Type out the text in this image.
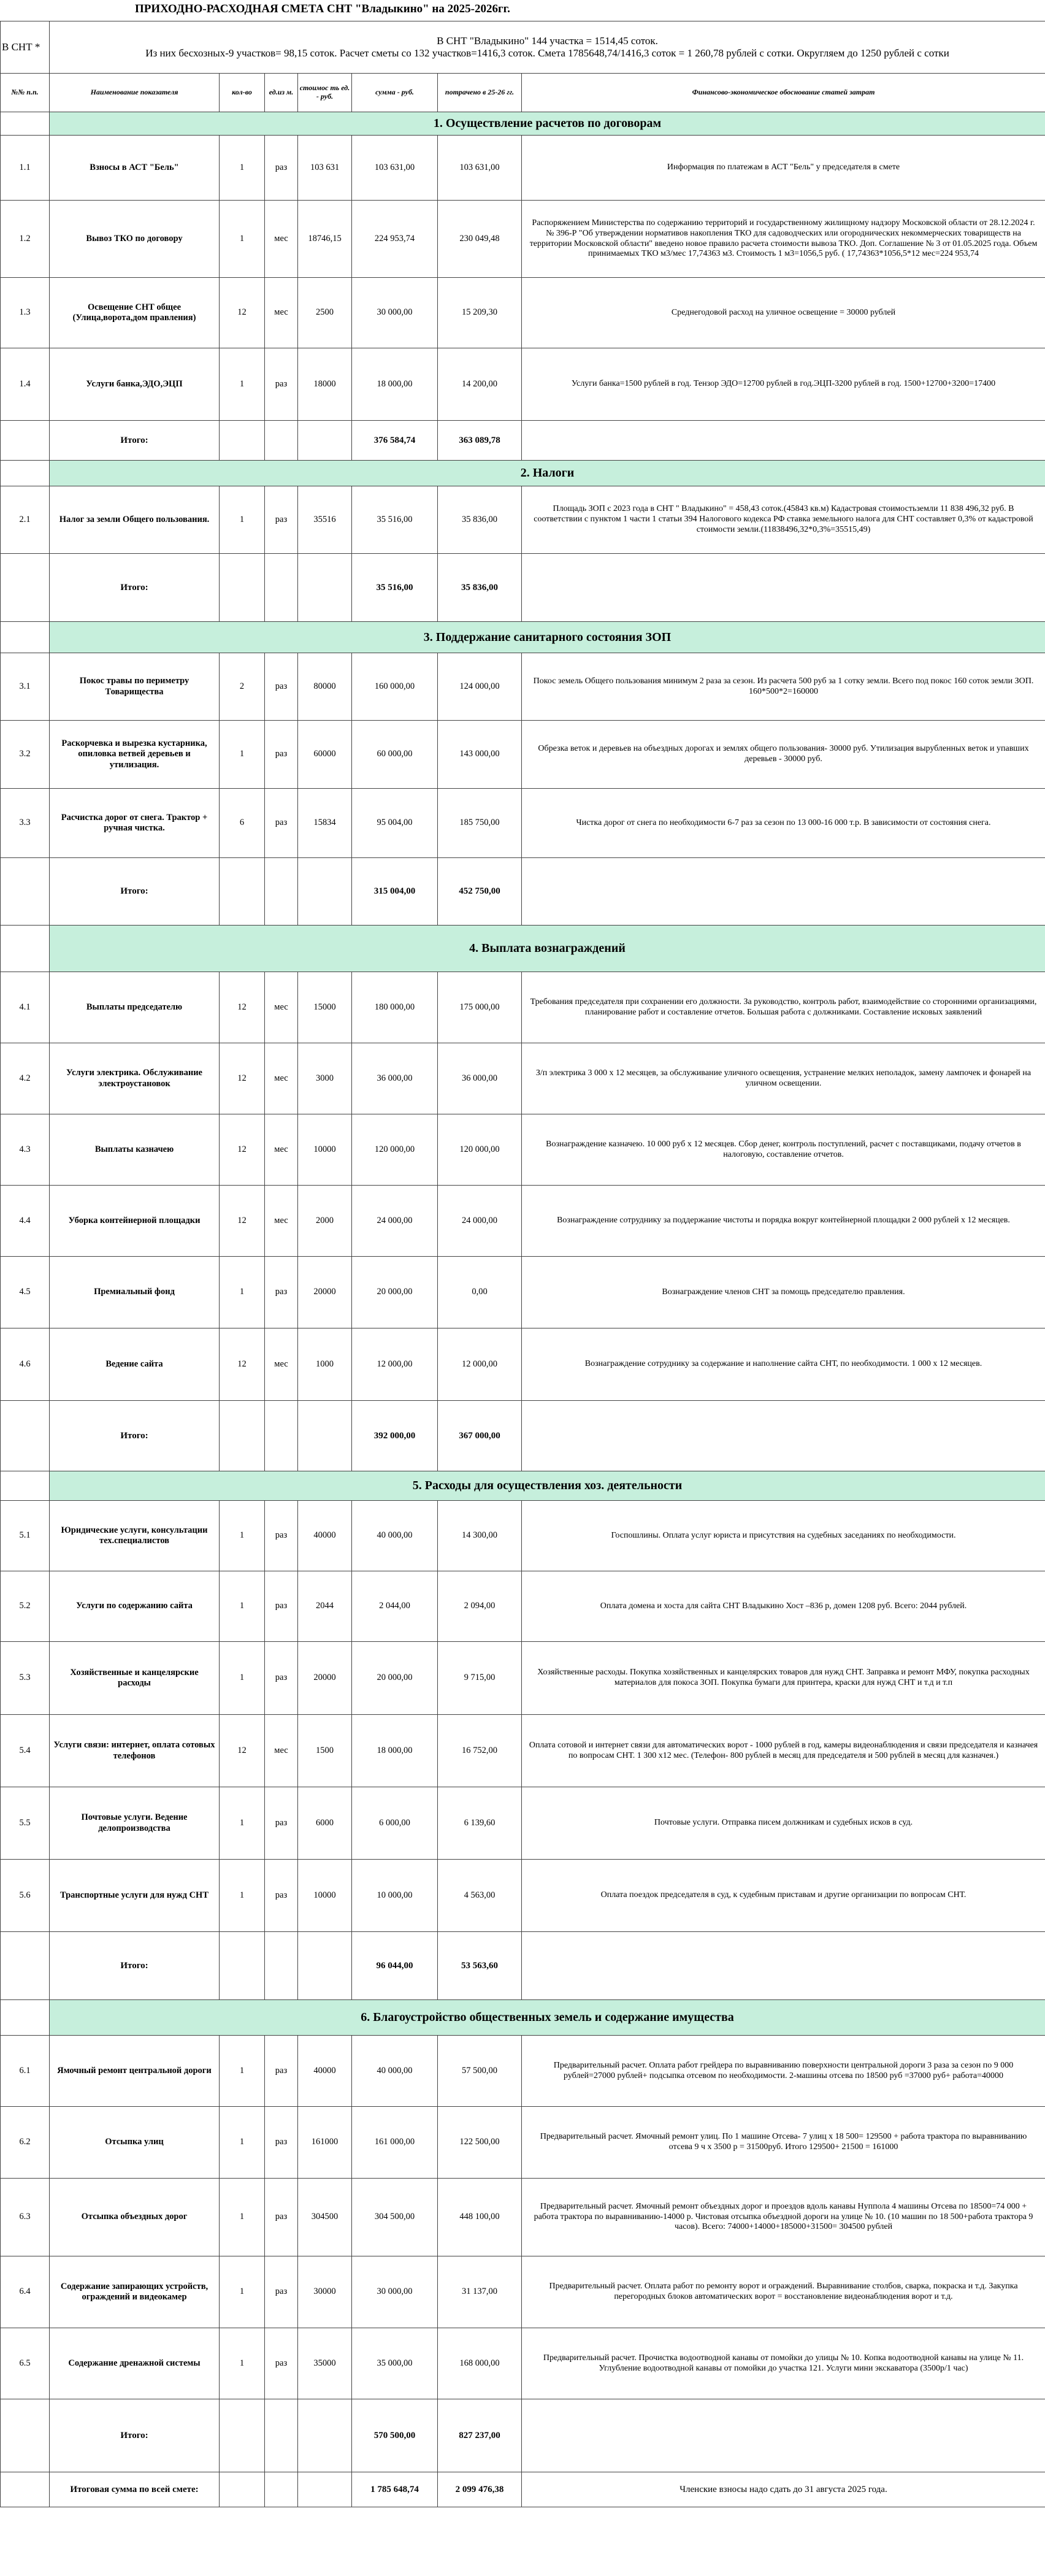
ПРИХОДНО-РАСХОДНАЯ СМЕТА СНТ "Владыкино" на 2025-2026гг.
В СНТ *	В СНТ "Владыкино" 144 участка = 1514,45 соток.
Из них бесхозных-9 участков= 98,15 соток. Расчет сметы со 132 участков=1416,3 соток. Смета 1785648,74/1416,3 соток = 1 260,78 рублей с сотки. Округляем до 1250 рублей с сотки						

№№ п.п.	Наименование показателя	кол-во	ед.из м.	стоимос ть ед. - руб.	сумма - руб.	потрачено в 25-26 гг.	Финансово-экономическое обоснование статей затрат
	1. Осуществление расчетов по договорам						
1.1	Взносы в АСТ "Бель"	1	раз	103 631	103 631,00	103 631,00	Информация по платежам в АСТ "Бель" у председателя в смете
1.2	Вывоз ТКО по договору	1	мес	18746,15	224 953,74	230 049,48	Распоряжением Министерства по содержанию территорий и государственному жилищному надзору Московской области от 28.12.2024 г. № 396-Р "Об утверждении нормативов накопления ТКО для садоводческих или огороднических некоммерческих товариществ на территории Московской области" введено новое правило расчета стоимости вывоза ТКО. Доп. Соглашение № 3 от 01.05.2025 года. Объем принимаемых ТКО м3/мес 17,74363 м3. Стоимость 1 м3=1056,5 руб. ( 17,74363*1056,5*12 мес=224 953,74
1.3	Освещение СНТ общее (Улица,ворота,дом правления)	12	мес	2500	30 000,00	15 209,30	Среднегодовой расход на уличное освещение = 30000 рублей
1.4	Услуги банка,ЭДО,ЭЦП	1	раз	18000	18 000,00	14 200,00	Услуги банка=1500 рублей в год. Тензор ЭДО=12700 рублей в год.ЭЦП-3200 рублей в год. 1500+12700+3200=17400
	Итого:				376 584,74	363 089,78	
	2. Налоги						
2.1	Налог за земли Общего пользования.	1	раз	35516	35 516,00	35 836,00	Площадь ЗОП с 2023 года в СНТ " Владыкино" = 458,43 соток.(45843 кв.м) Кадастровая стоимостьземли 11 838 496,32 руб. В соответствии с пунктом 1 части 1 статьи 394 Налогового кодекса РФ ставка земельного налога для СНТ составляет 0,3% от кадастровой стоимости земли.(11838496,32*0,3%=35515,49)
	Итого:				35 516,00	35 836,00	
	3. Поддержание санитарного состояния ЗОП						
3.1	Покос травы по периметру Товарищества	2	раз	80000	160 000,00	124 000,00	Покос земель Общего пользования минимум 2 раза за сезон. Из расчета 500 руб за 1 сотку земли. Всего под покос 160 соток земли ЗОП. 160*500*2=160000
3.2	Раскорчевка и вырезка кустарника, опиловка ветвей деревьев и утилизация.	1	раз	60000	60 000,00	143 000,00	Обрезка веток и деревьев на объездных дорогах и землях общего пользования- 30000 руб. Утилизация вырубленных веток и упавших деревьев - 30000 руб.
3.3	Расчистка дорог от снега. Трактор + ручная чистка.	6	раз	15834	95 004,00	185 750,00	Чистка дорог от снега по необходимости 6-7 раз за сезон по 13 000-16 000 т.р. В зависимости от состояния снега.
	Итого:				315 004,00	452 750,00	
	4. Выплата вознаграждений						
4.1	Выплаты председателю	12	мес	15000	180 000,00	175 000,00	Требования председателя при сохранении его должности. За руководство, контроль работ, взаимодействие со сторонними организациями, планирование работ и составление отчетов. Большая работа с должниками. Составление исковых заявлений
4.2	Услуги электрика. Обслуживание электроустановок	12	мес	3000	36 000,00	36 000,00	З/п электрика 3 000 х 12 месяцев, за обслуживание уличного освещения, устранение мелких неполадок, замену лампочек и фонарей на уличном освещении.
4.3	Выплаты казначею	12	мес	10000	120 000,00	120 000,00	Вознаграждение казначею. 10 000 руб х 12 месяцев. Сбор денег, контроль поступлений, расчет с поставщиками, подачу отчетов в налоговую, составление отчетов.
4.4	Уборка контейнерной площадки	12	мес	2000	24 000,00	24 000,00	Вознаграждение сотруднику за поддержание чистоты и порядка вокруг контейнерной площадки 2 000 рублей х 12 месяцев.
4.5	Премиальный фонд	1	раз	20000	20 000,00	0,00	Вознаграждение членов СНТ за помощь председателю правления.
4.6	Ведение сайта	12	мес	1000	12 000,00	12 000,00	Вознаграждение сотруднику за содержание и наполнение сайта СНТ, по необходимости. 1 000 х 12 месяцев.
	Итого:				392 000,00	367 000,00	
	5. Расходы для осуществления хоз. деятельности						
5.1	Юридические услуги, консультации тех.специалистов	1	раз	40000	40 000,00	14 300,00	Госпошлины. Оплата услуг юриста и присутствия на судебных заседаниях по необходимости.
5.2	Услуги по содержанию сайта	1	раз	2044	2 044,00	2 094,00	Оплата домена и хоста для сайта СНТ Владыкино Хост –836 р, домен 1208 руб. Всего: 2044 рублей.
5.3	Хозяйственные и канцелярские расходы	1	раз	20000	20 000,00	9 715,00	Хозяйственные расходы. Покупка хозяйственных и канцелярских товаров для нужд СНТ. Заправка и ремонт МФУ, покупка расходных материалов для покоса ЗОП. Покупка бумаги для принтера, краски для нужд СНТ и т.д и т.п
5.4	Услуги связи: интернет, оплата сотовых телефонов	12	мес	1500	18 000,00	16 752,00	Оплата сотовой и интернет связи для автоматических ворот - 1000 рублей в год, камеры видеонаблюдения и связи председателя и казначея по вопросам СНТ. 1 300 х12 мес. (Телефон- 800 рублей в месяц для председателя и 500 рублей в месяц для казначея.)
5.5	Почтовые услуги. Ведение делопроизводства	1	раз	6000	6 000,00	6 139,60	Почтовые услуги. Отправка писем должникам и судебных исков в суд.
5.6	Транспортные услуги для нужд СНТ	1	раз	10000	10 000,00	4 563,00	Оплата поездок председателя в суд, к судебным приставам и другие организации по вопросам СНТ.
	Итого:				96 044,00	53 563,60	
	6. Благоустройство общественных земель и содержание имущества						
6.1	Ямочный ремонт центральной дороги	1	раз	40000	40 000,00	57 500,00	Предварительный расчет. Оплата работ грейдера по выравниванию поверхности центральной дороги 3 раза за сезон по 9 000 рублей=27000 рублей+ подсыпка отсевом по необходимости. 2-машины отсева по 18500 руб =37000 руб+ работа=40000
6.2	Отсыпка улиц	1	раз	161000	161 000,00	122 500,00	Предварительный расчет. Ямочный ремонт улиц. По 1 машине Отсева- 7 улиц х 18 500= 129500 + работа трактора по выравниванию отсева 9 ч х 3500 р = 31500руб. Итого 129500+ 21500 = 161000
6.3	Отсыпка объездных дорог	1	раз	304500	304 500,00	448 100,00	Предварительный расчет. Ямочный ремонт объездных дорог и проездов вдоль канавы Нуппола 4 машины Отсева по 18500=74 000 + работа трактора по выравниванию-14000 р. Чистовая отсыпка объездной дороги на улице № 10. (10 машин по 18 500+работа трактора 9 часов). Всего: 74000+14000+185000+31500= 304500 рублей
6.4	Содержание запирающих устройств, ограждений и видеокамер	1	раз	30000	30 000,00	31 137,00	Предварительный расчет. Оплата работ по ремонту ворот и ограждений. Выравнивание столбов, сварка, покраска и т.д. Закупка перегородных блоков автоматических ворот = восстановление видеонаблюдения ворот и т.д.
6.5	Содержание дренажной системы	1	раз	35000	35 000,00	168 000,00	Предварительный расчет. Прочистка водоотводной канавы от помойки до улицы № 10. Копка водоотводной канавы на улице № 11. Углубление водоотводной канавы от помойки до участка 121. Услуги мини экскаватора (3500р/1 час)
	Итого:				570 500,00	827 237,00	
	Итоговая сумма по всей смете:				1 785 648,74	2 099 476,38	Членские взносы надо сдать до 31 августа 2025 года.
